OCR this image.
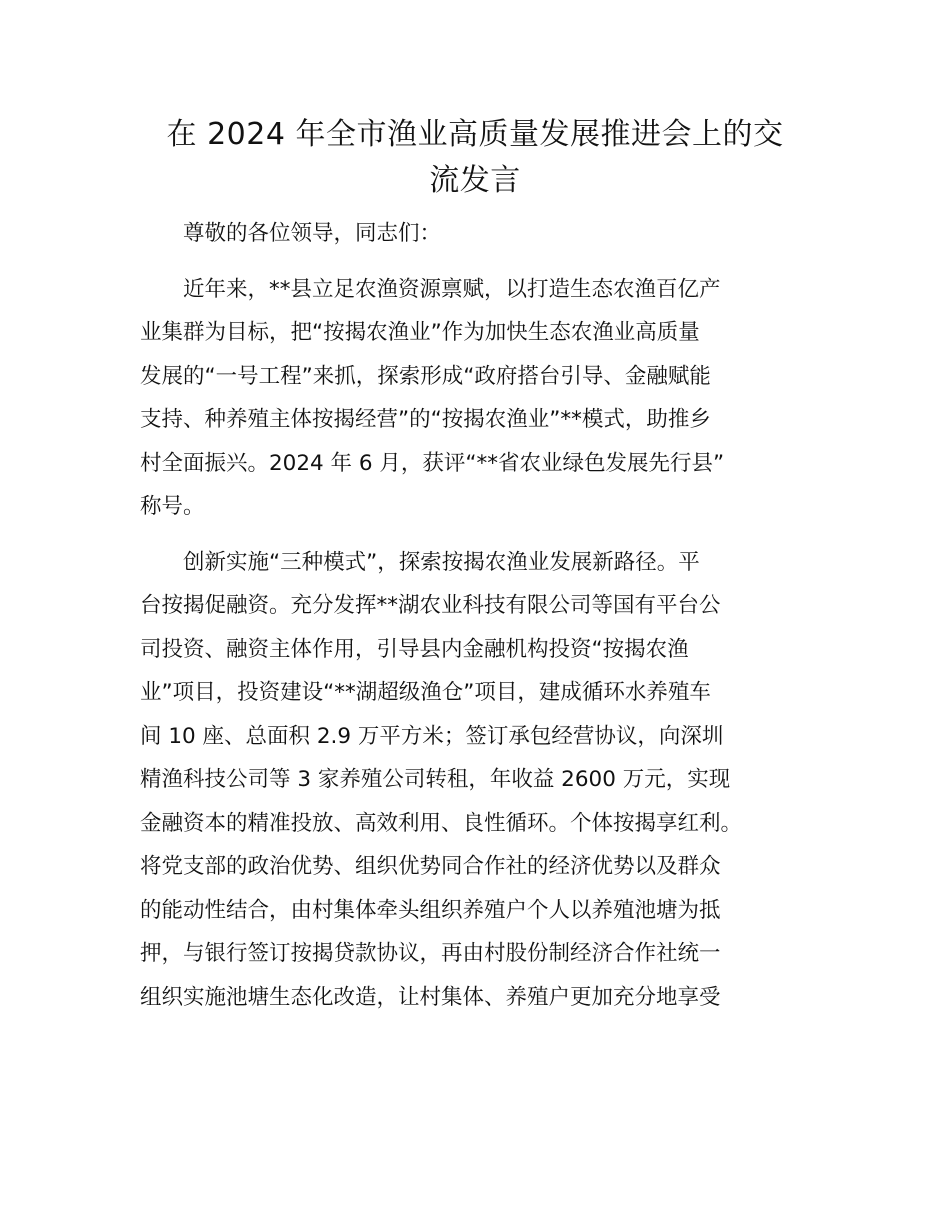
在 2024 年全市渔业高质量发展推进会上的交
流发言

尊敬的各位领导，同志们：

近年来，**县立足农渔资源禀赋，以打造生态农渔百亿产
业集群为目标，把“按揭农渔业”作为加快生态农渔业高质量
发展的“一号工程”来抓，探索形成“政府搭台引导、金融赋能
支持、种养殖主体按揭经营”的“按揭农渔业”**模式，助推乡
村全面振兴。2024 年 6 月，获评“**省农业绿色发展先行县”
称号。

创新实施“三种模式”，探索按揭农渔业发展新路径。平
台按揭促融资。充分发挥**湖农业科技有限公司等国有平台公
司投资、融资主体作用，引导县内金融机构投资“按揭农渔
业”项目，投资建设“**湖超级渔仓”项目，建成循环水养殖车
间 10 座、总面积 2.9 万平方米；签订承包经营协议，向深圳
精渔科技公司等 3 家养殖公司转租，年收益 2600 万元，实现
金融资本的精准投放、高效利用、良性循环。个体按揭享红利。
将党支部的政治优势、组织优势同合作社的经济优势以及群众
的能动性结合，由村集体牵头组织养殖户个人以养殖池塘为抵
押，与银行签订按揭贷款协议，再由村股份制经济合作社统一
组织实施池塘生态化改造，让村集体、养殖户更加充分地享受
